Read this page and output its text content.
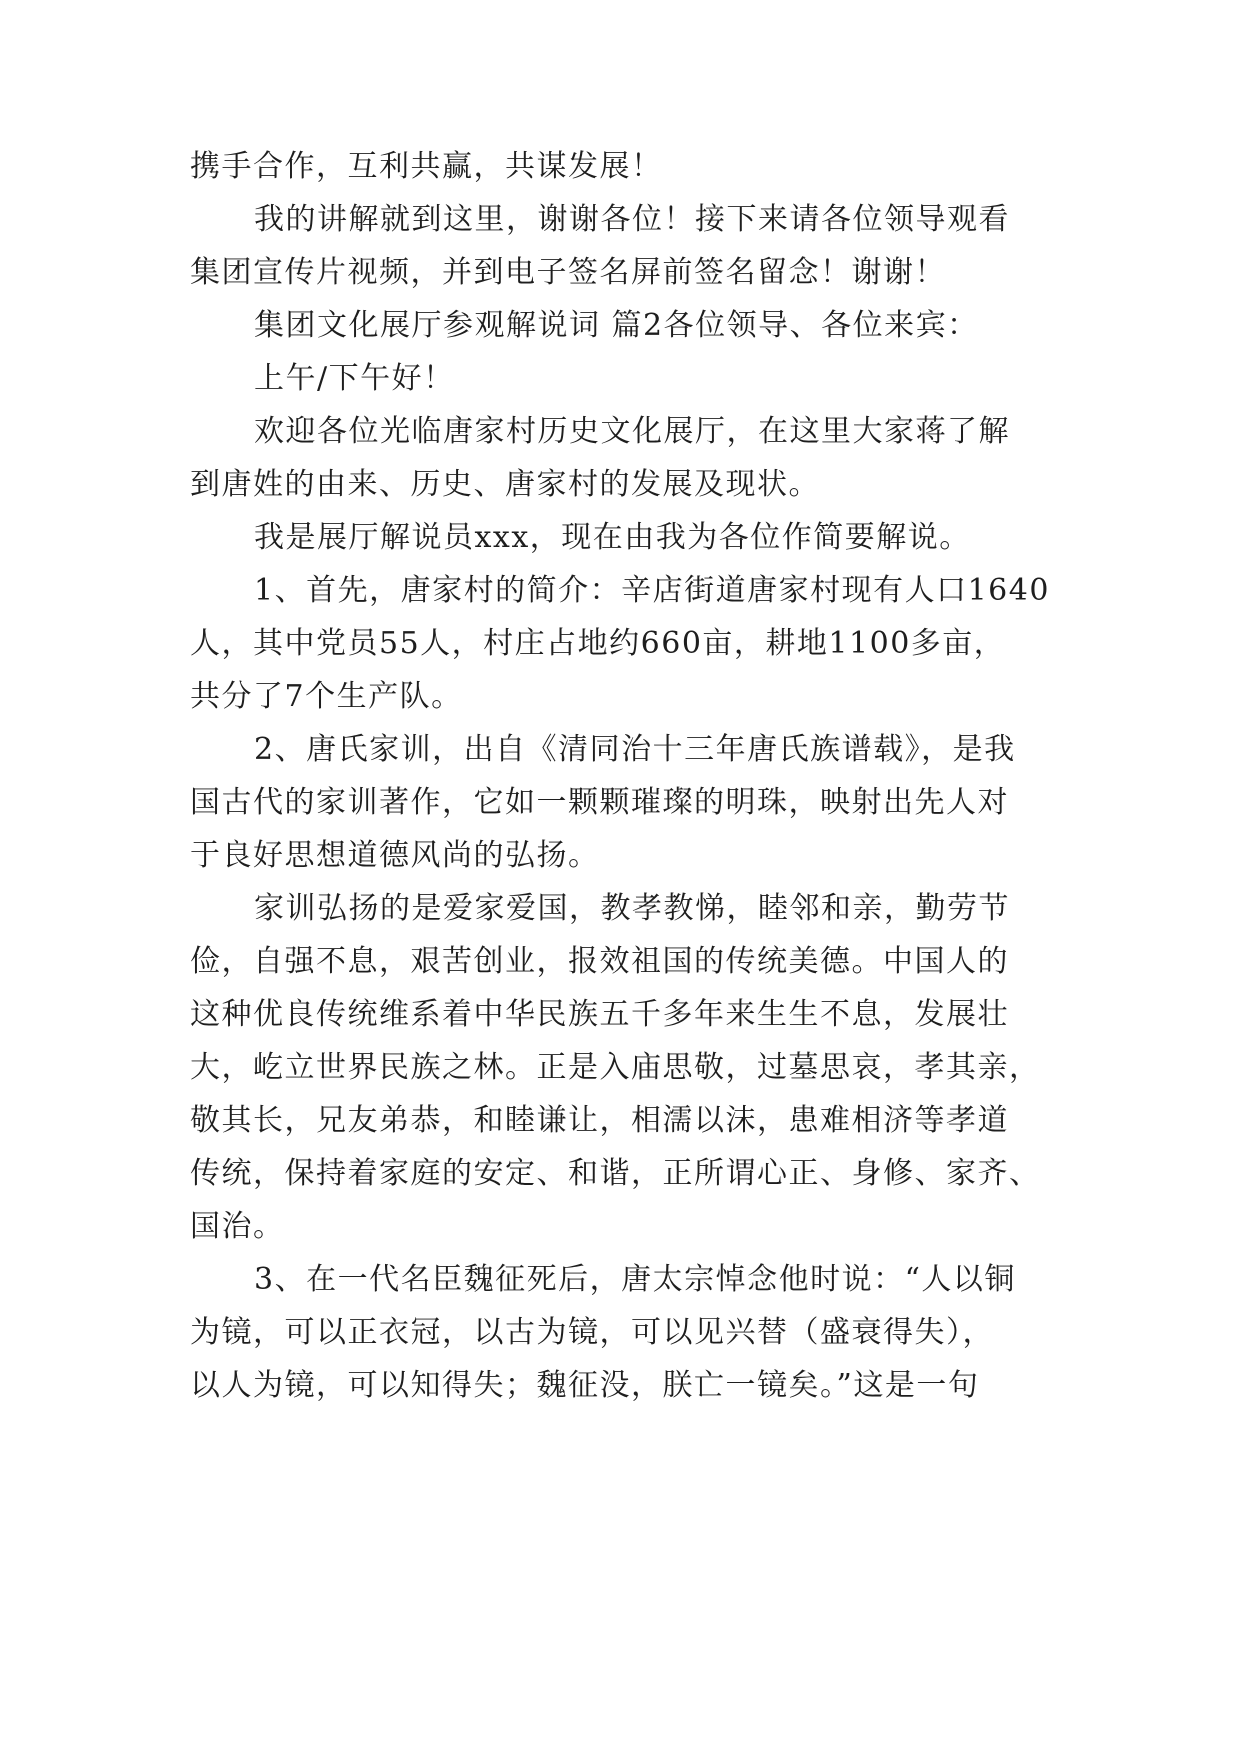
携手合作，互利共赢，共谋发展！
我的讲解就到这里，谢谢各位！接下来请各位领导观看
集团宣传片视频，并到电子签名屏前签名留念！谢谢！
集团文化展厅参观解说词 篇2各位领导、各位来宾：
上午/下午好！
欢迎各位光临唐家村历史文化展厅，在这里大家蒋了解
到唐姓的由来、历史、唐家村的发展及现状。
我是展厅解说员xxx，现在由我为各位作简要解说。
1、首先，唐家村的简介：辛店街道唐家村现有人口1640
人，其中党员55人，村庄占地约660亩，耕地1100多亩，
共分了7个生产队。
2、唐氏家训，出自《清同治十三年唐氏族谱载》，是我
国古代的家训著作，它如一颗颗璀璨的明珠，映射出先人对
于良好思想道德风尚的弘扬。
家训弘扬的是爱家爱国，教孝教悌，睦邻和亲，勤劳节
俭，自强不息，艰苦创业，报效祖国的传统美德。中国人的
这种优良传统维系着中华民族五千多年来生生不息，发展壮
大，屹立世界民族之林。正是入庙思敬，过墓思哀，孝其亲，
敬其长，兄友弟恭，和睦谦让，相濡以沫，患难相济等孝道
传统，保持着家庭的安定、和谐，正所谓心正、身修、家齐、
国治。
3、在一代名臣魏征死后，唐太宗悼念他时说：“人以铜
为镜，可以正衣冠，以古为镜，可以见兴替（盛衰得失），
以人为镜，可以知得失；魏征没，朕亡一镜矣。”这是一句
